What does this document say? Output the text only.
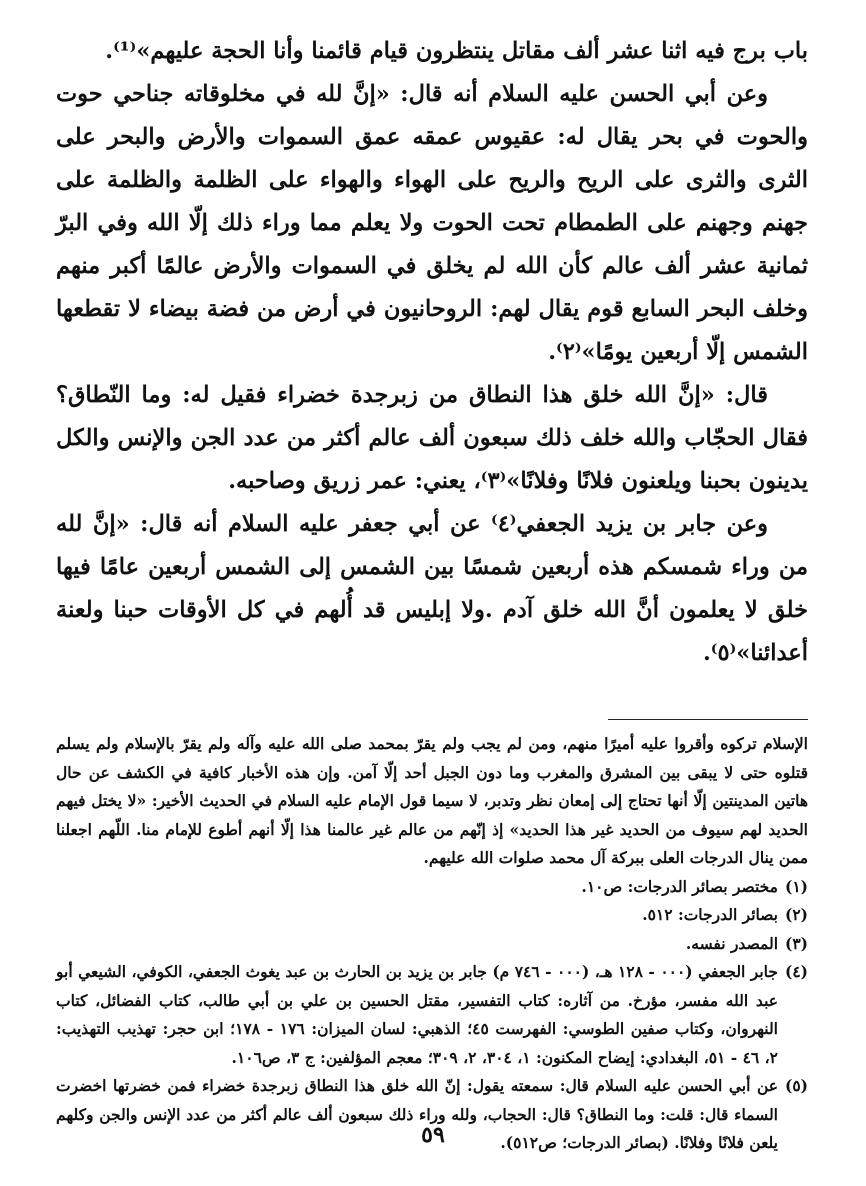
باب برج فيه اثنا عشر ألف مقاتل ينتظرون قيام قائمنا وأنا الحجة عليهم»⁽¹⁾.

وعن أبي الحسن عليه السلام أنه قال: «إنَّ لله في مخلوقاته جناحي حوت والحوت في بحر يقال له: عقيوس عمقه عمق السموات والأرض والبحر على الثرى والثرى على الريح والريح على الهواء والهواء على الظلمة والظلمة على جهنم وجهنم على الطمطام تحت الحوت ولا يعلم مما وراء ذلك إلّا الله وفي البرّ ثمانية عشر ألف عالم كأن الله لم يخلق في السموات والأرض عالمًا أكبر منهم وخلف البحر السابع قوم يقال لهم: الروحانيون في أرض من فضة بيضاء لا تقطعها الشمس إلّا أربعين يومًا»⁽٢⁾.

قال: «إنَّ الله خلق هذا النطاق من زبرجدة خضراء فقيل له: وما النّطاق؟ فقال الحجّاب والله خلف ذلك سبعون ألف عالم أكثر من عدد الجن والإنس والكل يدينون بحبنا ويلعنون فلانًا وفلانًا»⁽٣⁾، يعني: عمر زريق وصاحبه.

وعن جابر بن يزيد الجعفي⁽٤⁾ عن أبي جعفر عليه السلام أنه قال: «إنَّ لله من وراء شمسكم هذه أربعين شمسًا بين الشمس إلى الشمس أربعين عامًا فيها خلق لا يعلمون أنَّ الله خلق آدم .ولا إبليس قد أُلهم في كل الأوقات حبنا ولعنة أعدائنا»⁽٥⁾.

الإسلام تركوه وأقروا عليه أميرًا منهم، ومن لم يجب ولم يقرّ بمحمد صلى الله عليه وآله ولم يقرّ بالإسلام ولم يسلم قتلوه حتى لا يبقى بين المشرق والمغرب وما دون الجبل أحد إلّا آمن. وإن هذه الأخبار كافية في الكشف عن حال هاتين المدينتين إلّا أنها تحتاج إلى إمعان نظر وتدبر، لا سيما قول الإمام عليه السلام في الحديث الأخير: «لا يختل فيهم الحديد لهم سيوف من الحديد غير هذا الحديد» إذ إنّهم من عالم غير عالمنا هذا إلّا أنهم أطوع للإمام منا. اللّهم اجعلنا ممن ينال الدرجات العلى ببركة آل محمد صلوات الله عليهم.

(١)
مختصر بصائر الدرجات: ص١٠.
(٢)
بصائر الدرجات: ٥١٢.
(٣)
المصدر نفسه.
(٤)
جابر الجعفي (٠٠٠ - ١٢٨ هـ، (٠٠٠ - ٧٤٦ م) جابر بن يزيد بن الحارث بن عبد يغوث الجعفي، الكوفي، الشيعي أبو عبد الله مفسر، مؤرخ. من آثاره: كتاب التفسير، مقتل الحسين بن علي بن أبي طالب، كتاب الفضائل، كتاب النهروان، وكتاب صفين الطوسي: الفهرست ٤٥؛ الذهبي: لسان الميزان: ١٧٦ - ١٧٨؛ ابن حجر: تهذيب التهذيب: ٢، ٤٦ - ٥١، البغدادي: إيضاح المكنون: ١، ٣٠٤، ٢، ٣٠٩؛ معجم المؤلفين: ج ٣، ص١٠٦.
(٥)
عن أبي الحسن عليه السلام قال: سمعته يقول: إنّ الله خلق هذا النطاق زبرجدة خضراء فمن خضرتها اخضرت السماء قال: قلت: وما النطاق؟ قال: الحجاب، ولله وراء ذلك سبعون ألف عالم أكثر من عدد الإنس والجن وكلهم يلعن فلانًا وفلانًا. (بصائر الدرجات؛ ص٥١٢).
٥٩
